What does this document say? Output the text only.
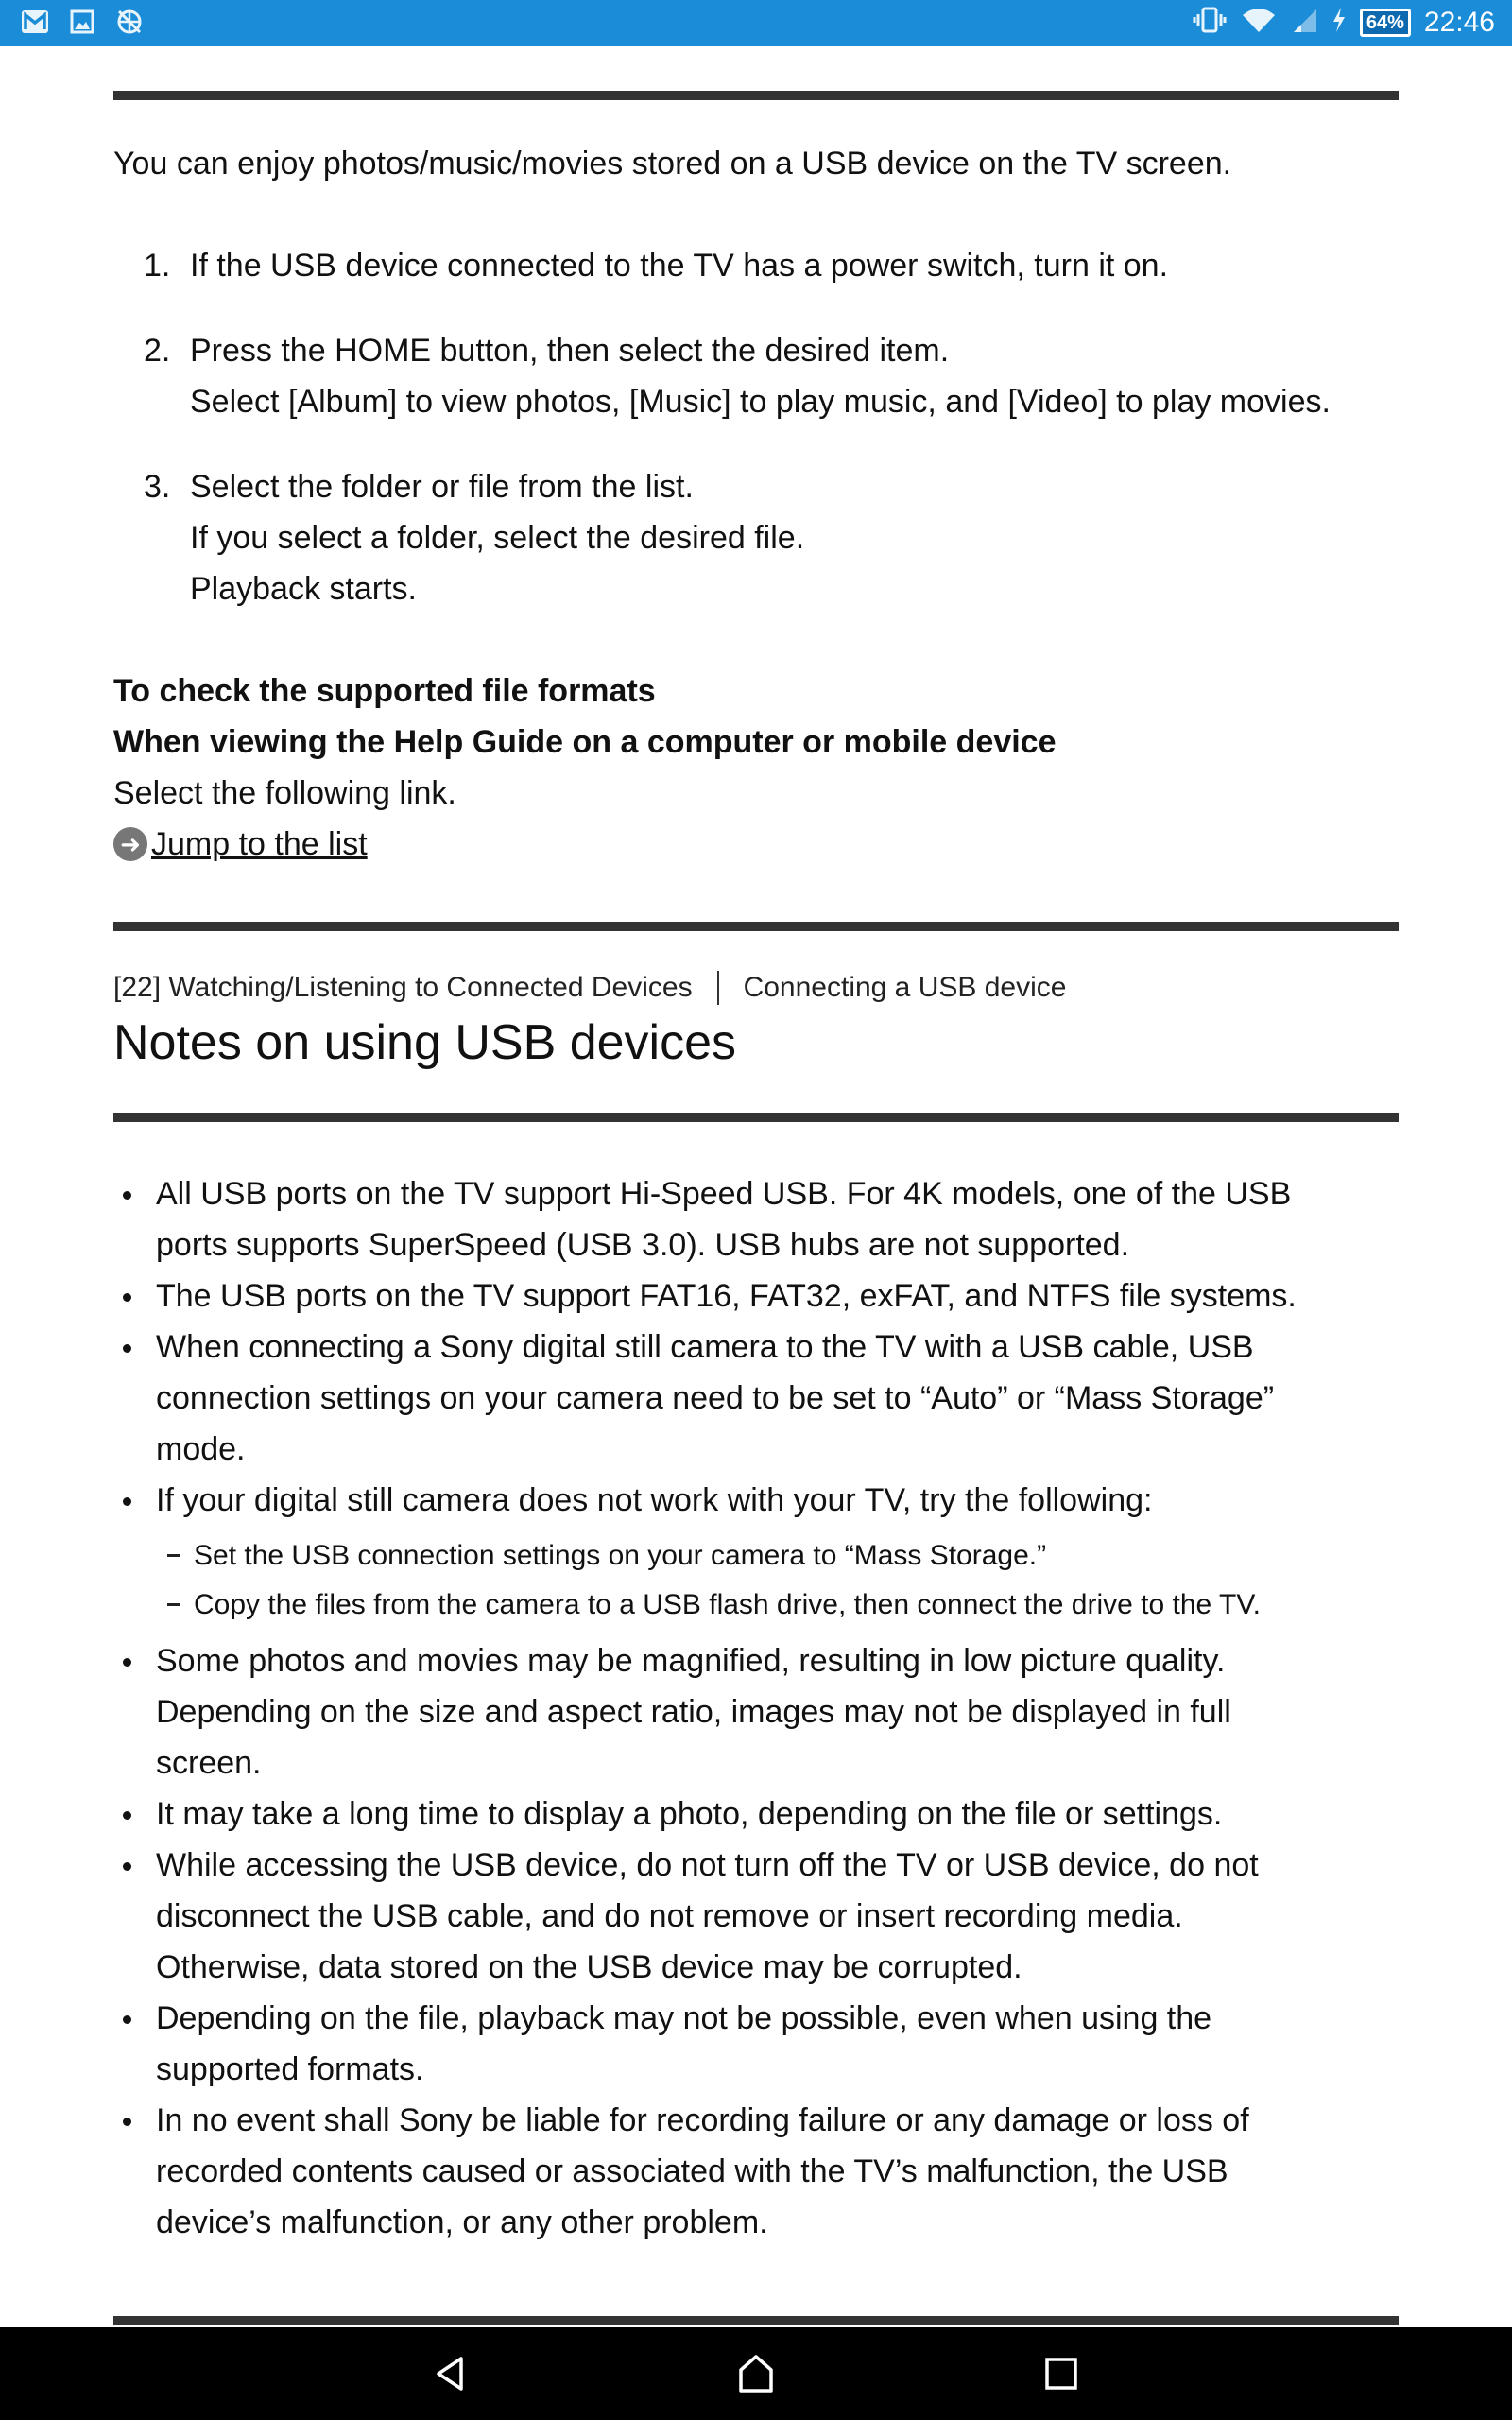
64% 22:46
You can enjoy photos/music/movies stored on a USB device on the TV screen.
1. If the USB device connected to the TV has a power switch, turn it on.
2. Press the HOME button, then select the desired item.
Select [Album] to view photos, [Music] to play music, and [Video] to play movies.
3. Select the folder or file from the list.
If you select a folder, select the desired file.
Playback starts.
To check the supported file formats
When viewing the Help Guide on a computer or mobile device
Select the following link.
➜ Jump to the list
[22] Watching/Listening to Connected Devices Connecting a USB device
Notes on using USB devices
All USB ports on the TV support Hi-Speed USB. For 4K models, one of the USB
ports supports SuperSpeed (USB 3.0). USB hubs are not supported.
The USB ports on the TV support FAT16, FAT32, exFAT, and NTFS file systems.
When connecting a Sony digital still camera to the TV with a USB cable, USB
connection settings on your camera need to be set to “Auto” or “Mass Storage”
mode.
If your digital still camera does not work with your TV, try the following:
Set the USB connection settings on your camera to “Mass Storage.”
Copy the files from the camera to a USB flash drive, then connect the drive to the TV.
Some photos and movies may be magnified, resulting in low picture quality.
Depending on the size and aspect ratio, images may not be displayed in full
screen.
It may take a long time to display a photo, depending on the file or settings.
While accessing the USB device, do not turn off the TV or USB device, do not
disconnect the USB cable, and do not remove or insert recording media.
Otherwise, data stored on the USB device may be corrupted.
Depending on the file, playback may not be possible, even when using the
supported formats.
In no event shall Sony be liable for recording failure or any damage or loss of
recorded contents caused or associated with the TV’s malfunction, the USB
device’s malfunction, or any other problem.
